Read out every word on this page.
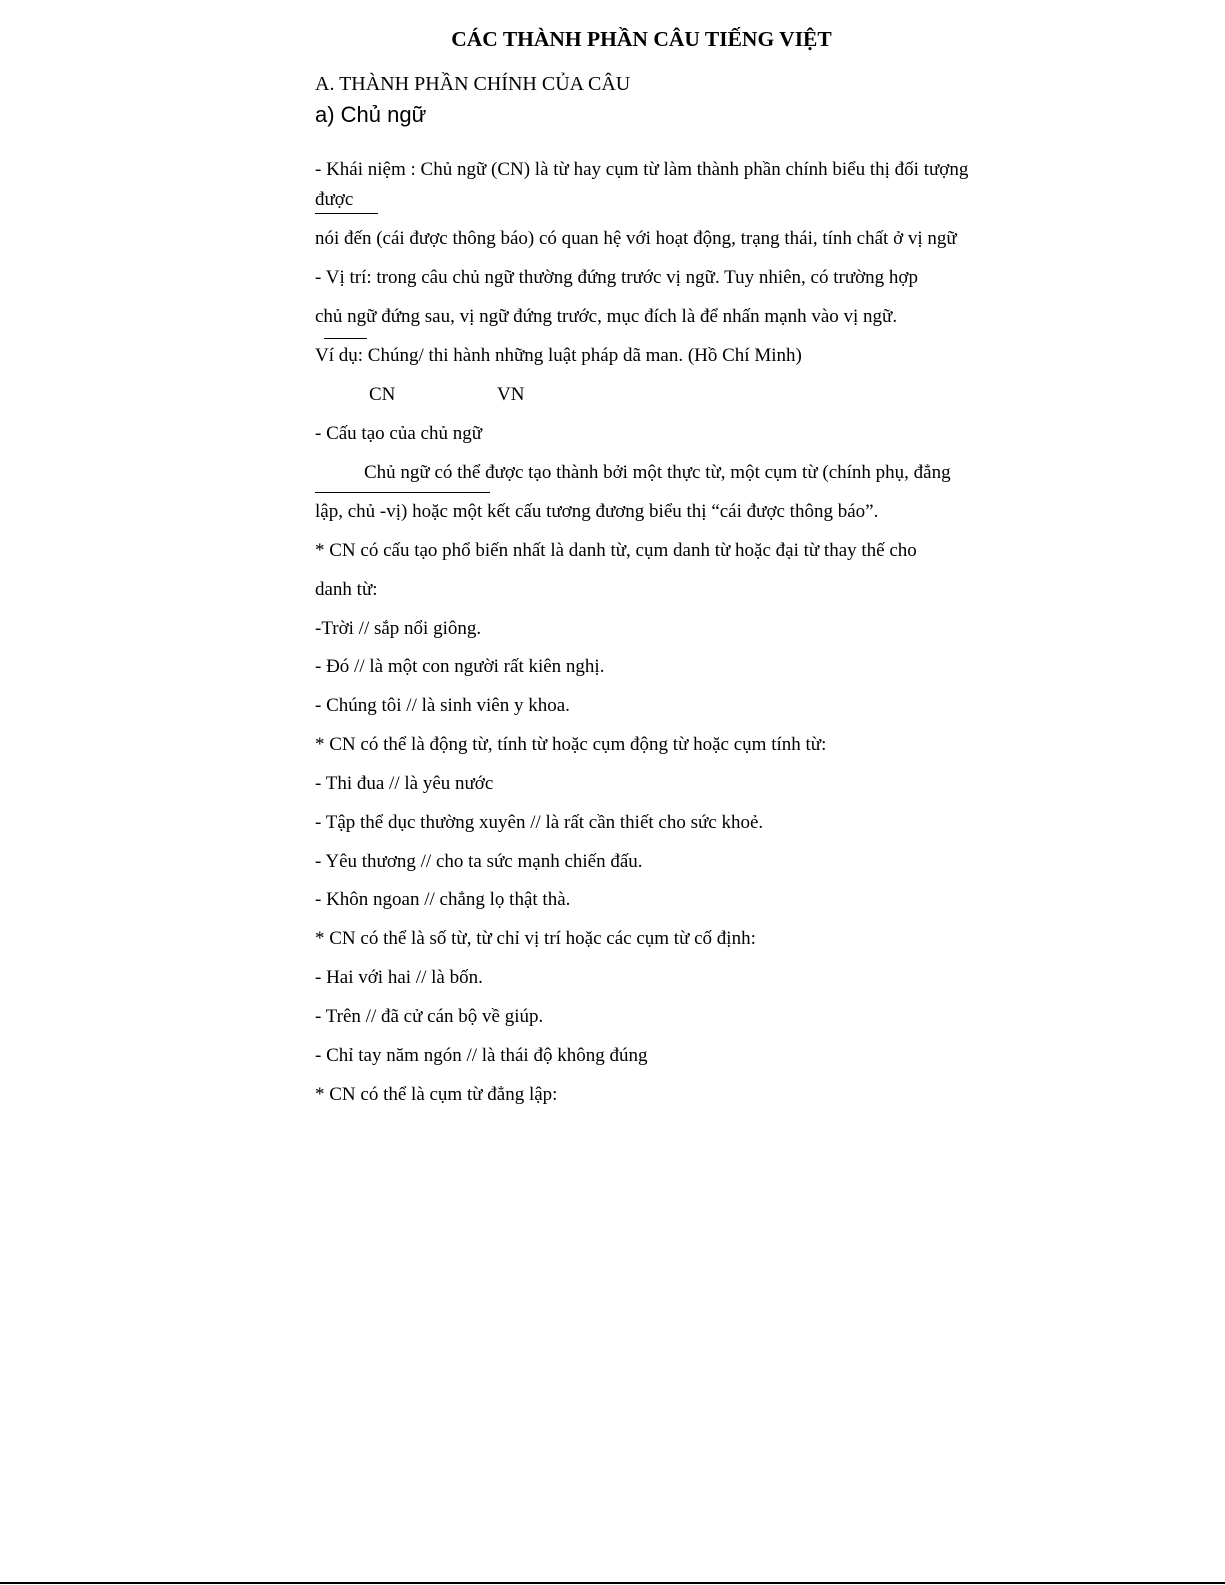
CÁC THÀNH PHẦN CÂU TIẾNG VIỆT
A. THÀNH PHẦN CHÍNH CỦA CÂU
a) Chủ ngữ
- Khái niệm : Chủ ngữ (CN) là từ hay cụm từ làm thành phần chính biểu thị đối tượng
được
nói đến (cái được thông báo) có quan hệ với hoạt động, trạng thái, tính chất ở vị ngữ
- Vị trí: trong câu chủ ngữ thường đứng trước vị ngữ. Tuy nhiên, có trường hợp
chủ ngữ đứng sau, vị ngữ đứng trước, mục đích là để nhấn mạnh vào vị ngữ.
Ví dụ: Chúng/ thi hành những luật pháp dã man. (Hồ Chí Minh)
CN	VN
- Cấu tạo của chủ ngữ
Chủ ngữ có thể được tạo thành bởi một thực từ, một cụm từ (chính phụ, đẳng
lập, chủ -vị) hoặc một kết cấu tương đương biểu thị “cái được thông báo”.
* CN có cấu tạo phổ biến nhất là danh từ, cụm danh từ hoặc đại từ thay thế cho
danh từ:
-Trời // sắp nổi giông.
- Đó // là một con người rất kiên nghị.
- Chúng tôi // là sinh viên y khoa.
* CN có thể là động từ, tính từ hoặc cụm động từ hoặc cụm tính từ:
- Thi đua // là yêu nước
- Tập thể dục thường xuyên // là rất cần thiết cho sức khoẻ.
- Yêu thương // cho ta sức mạnh chiến đấu.
- Khôn ngoan // chẳng lọ thật thà.
* CN có thể là số từ, từ chỉ vị trí hoặc các cụm từ cố định:
- Hai với hai // là bốn.
- Trên // đã cử cán bộ về giúp.
- Chỉ tay năm ngón // là thái độ không đúng
* CN có thể là cụm từ đẳng lập:
